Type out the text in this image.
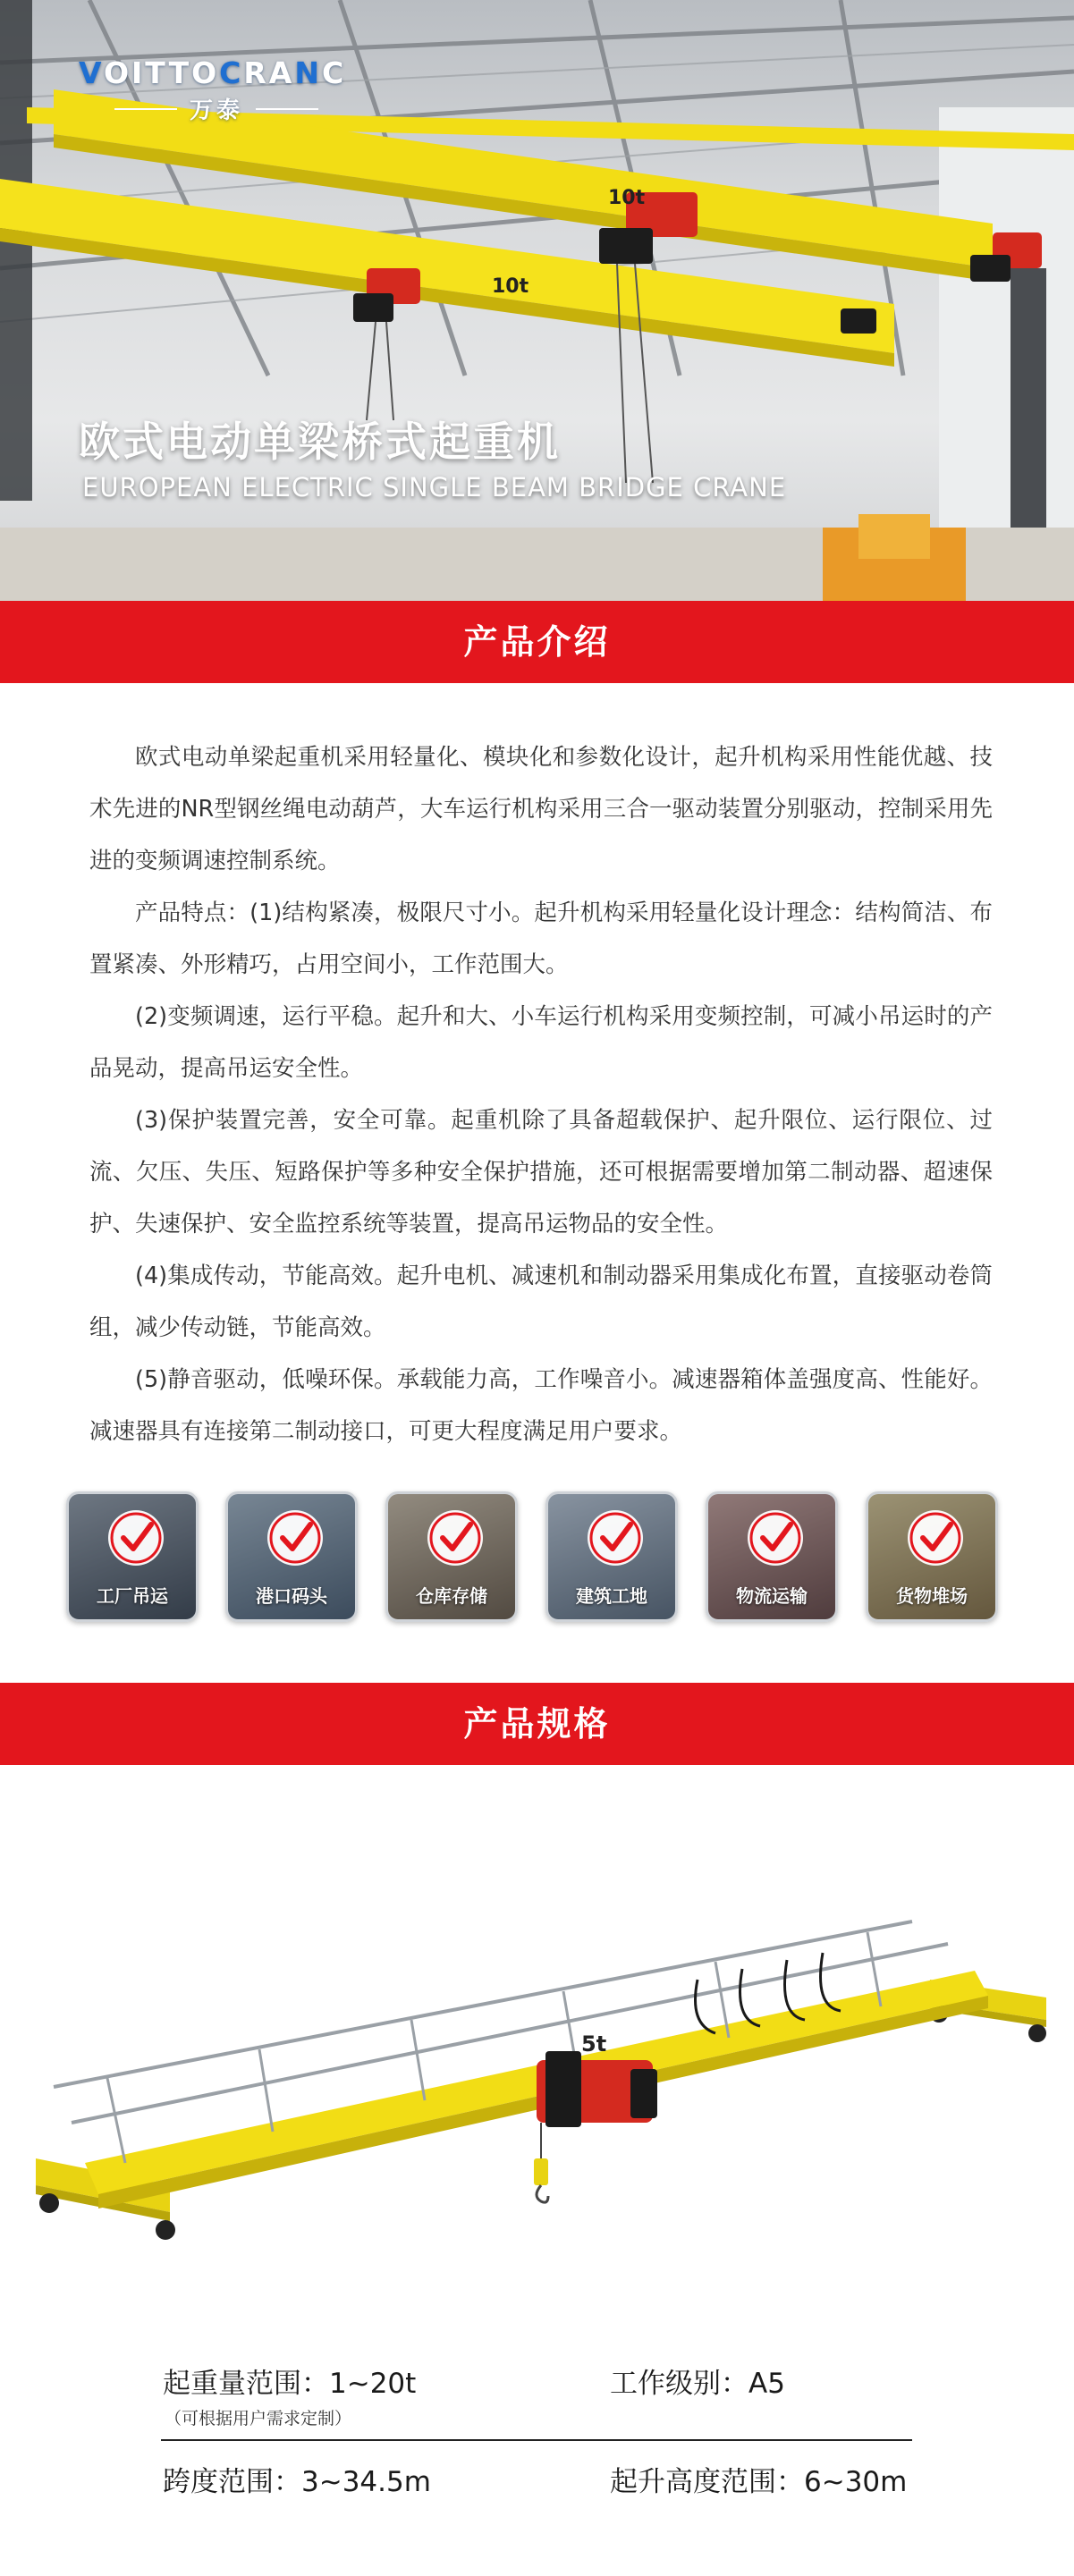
10t
10t
VOITTOCRANC
万泰
欧式电动单梁桥式起重机
EUROPEAN ELECTRIC SINGLE BEAM BRIDGE CRANE
产品介绍

欧式电动单梁起重机采用轻量化、模块化和参数化设计，起升机构采用性能优越、技术先进的NR型钢丝绳电动葫芦，大车运行机构采用三合一驱动装置分别驱动，控制采用先进的变频调速控制系统。

产品特点：(1)结构紧凑，极限尺寸小。起升机构采用轻量化设计理念：结构简洁、布置紧凑、外形精巧，占用空间小，工作范围大。

(2)变频调速，运行平稳。起升和大、小车运行机构采用变频控制，可减小吊运时的产品晃动，提高吊运安全性。

(3)保护装置完善，安全可靠。起重机除了具备超载保护、起升限位、运行限位、过流、欠压、失压、短路保护等多种安全保护措施，还可根据需要增加第二制动器、超速保护、失速保护、安全监控系统等装置，提高吊运物品的安全性。

(4)集成传动，节能高效。起升电机、减速机和制动器采用集成化布置，直接驱动卷筒组，减少传动链，节能高效。

(5)静音驱动，低噪环保。承载能力高，工作噪音小。减速器箱体盖强度高、性能好。减速器具有连接第二制动接口，可更大程度满足用户要求。

工厂吊运	港口码头	仓库存储	建筑工地	物流运输	货物堆场
产品规格
5t
起重量范围：1~20t
（可根据用户需求定制）
工作级别：A5
跨度范围：3~34.5m	起升高度范围：6~30m
